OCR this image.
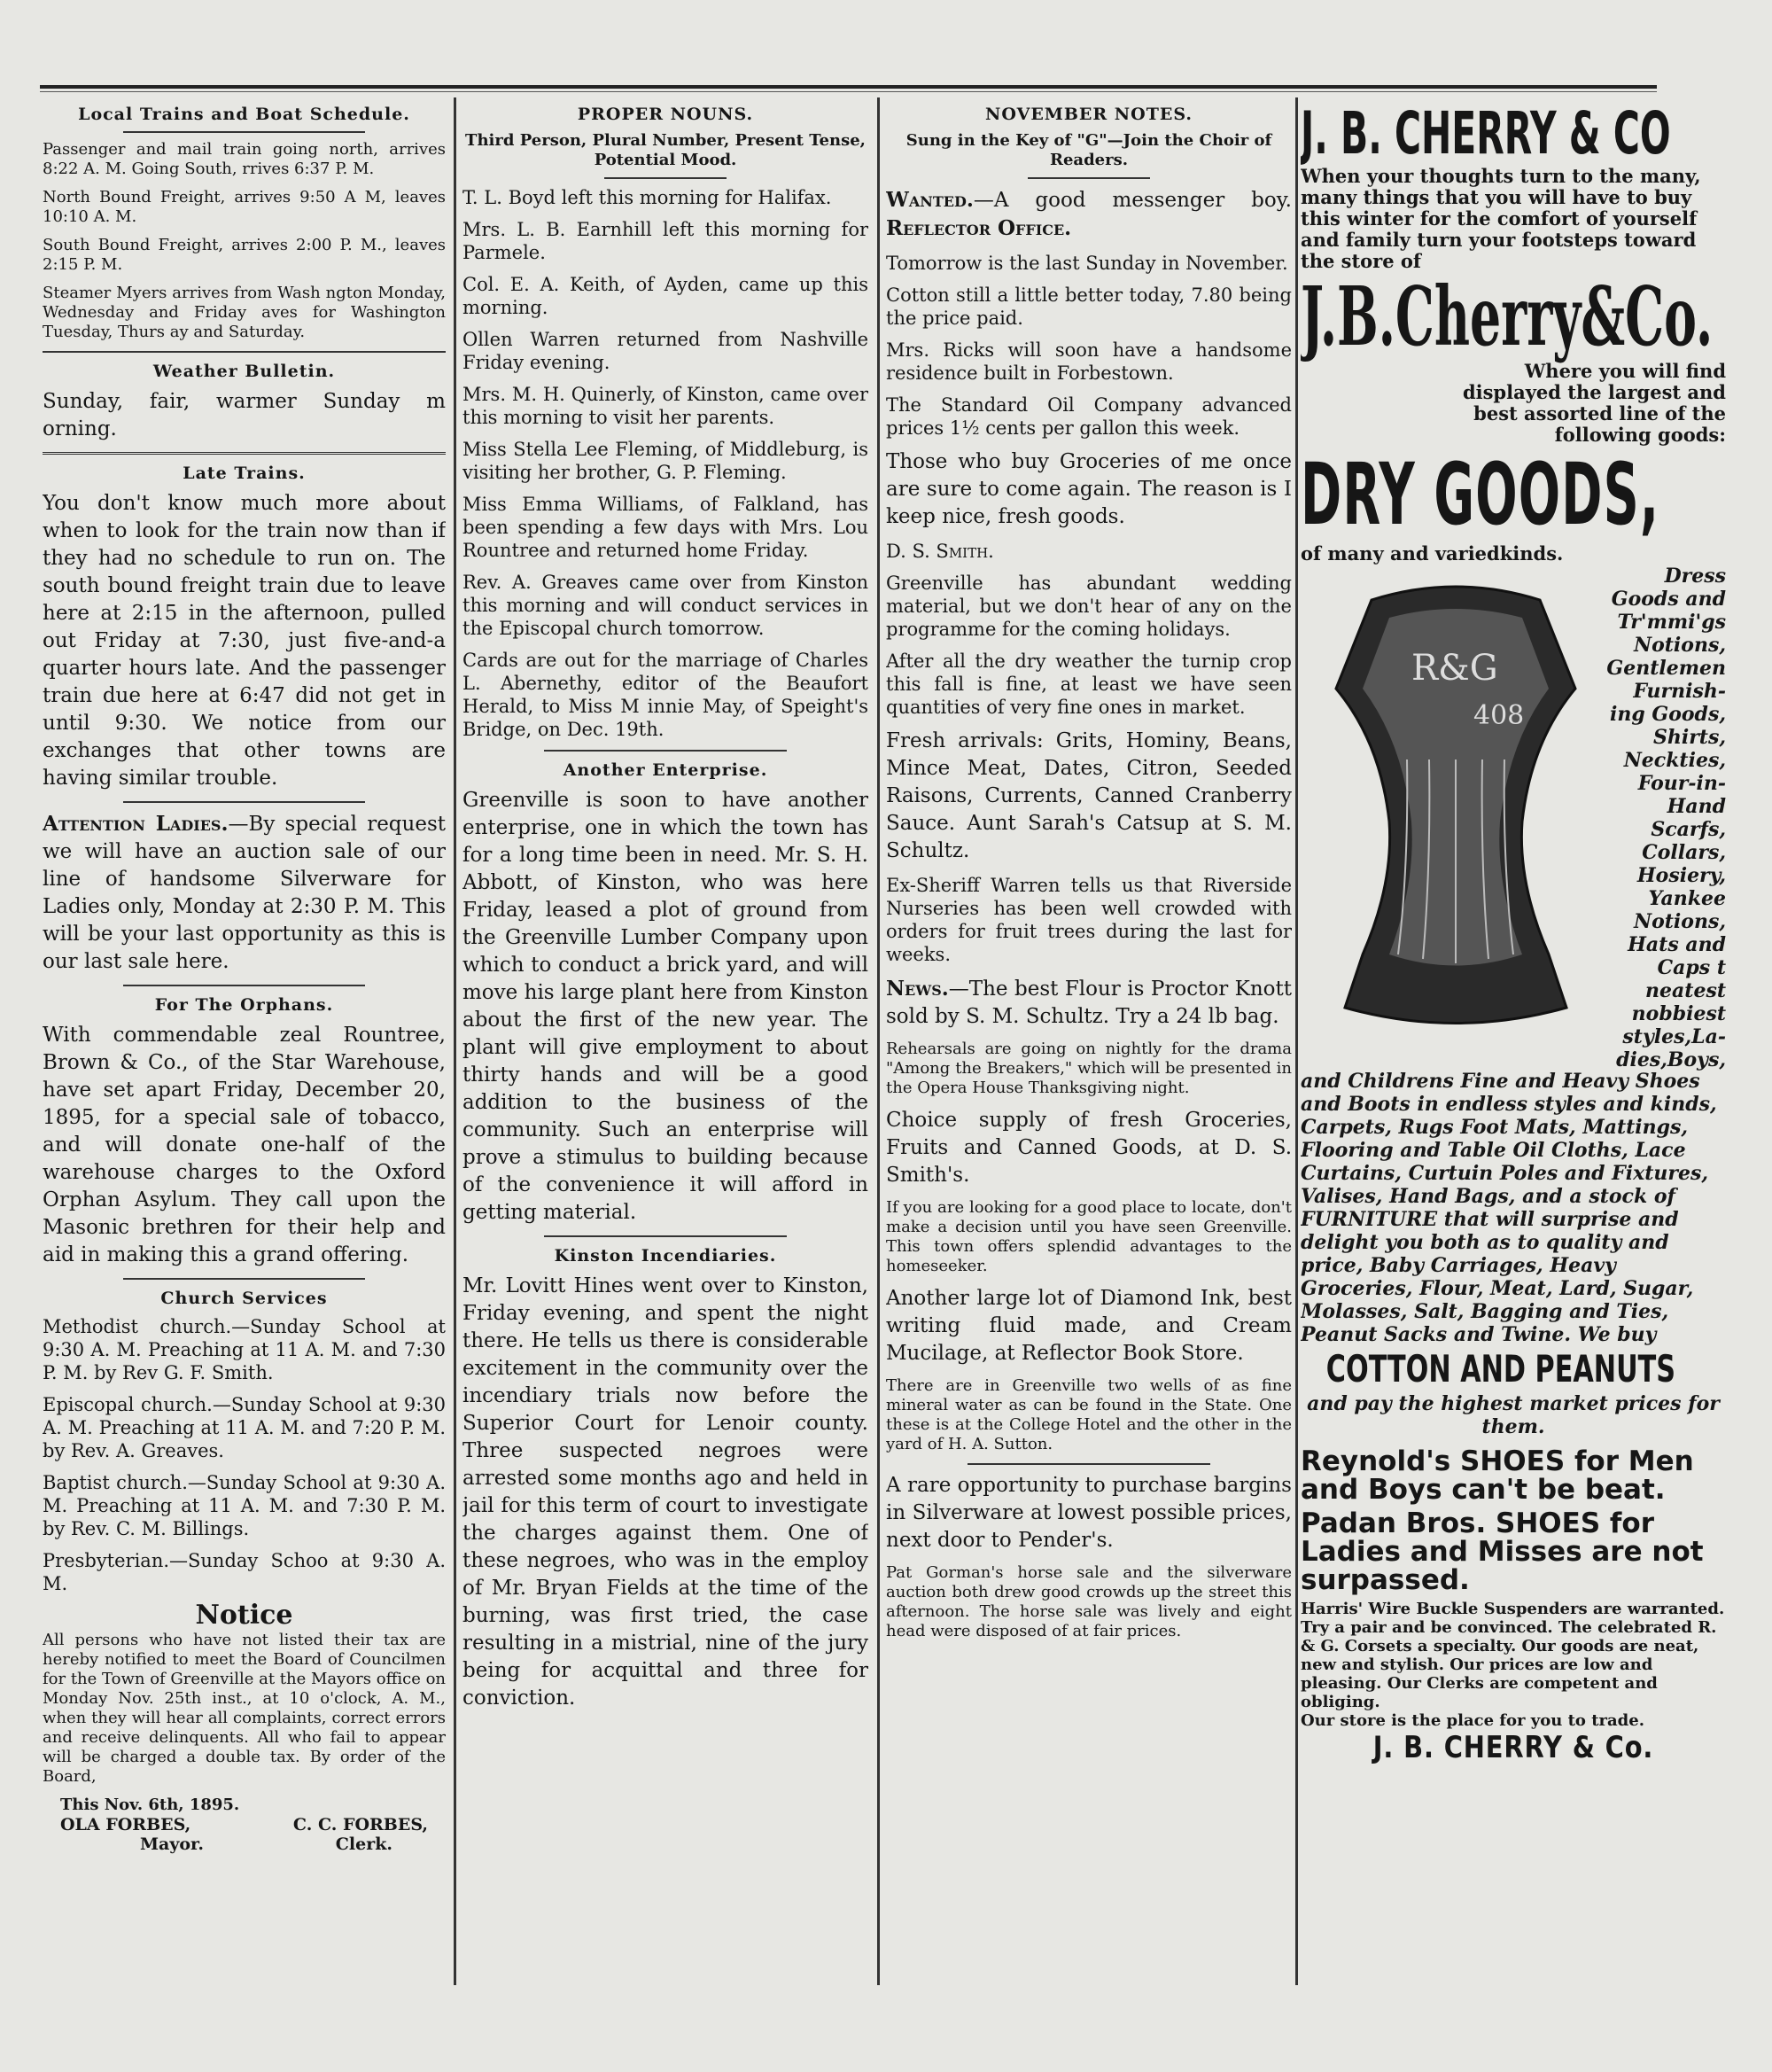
Local Trains and Boat Schedule.

Passenger and mail train going north, arrives 8:22 A. M. Going South, rrives 6:37 P. M.

North Bound Freight, arrives 9:50 A M, leaves 10:10 A. M.

South Bound Freight, arrives 2:00 P. M., leaves 2:15 P. M.

Steamer Myers arrives from Wash ngton Monday, Wednesday and Friday aves for Washington Tuesday, Thurs ay and Saturday.

Weather Bulletin.

Sunday, fair, warmer Sunday m orning.

Late Trains.

You don't know much more about when to look for the train now than if they had no schedule to run on. The south bound freight train due to leave here at 2:15 in the afternoon, pulled out Friday at 7:30, just five-and-a quarter hours late. And the passenger train due here at 6:47 did not get in until 9:30. We notice from our exchanges that other towns are having similar trouble.

Attention Ladies.—By special request we will have an auction sale of our line of handsome Silverware for Ladies only, Monday at 2:30 P. M. This will be your last opportunity as this is our last sale here.

For The Orphans.

With commendable zeal Rountree, Brown & Co., of the Star Warehouse, have set apart Friday, December 20, 1895, for a special sale of tobacco, and will donate one-half of the warehouse charges to the Oxford Orphan Asylum. They call upon the Masonic brethren for their help and aid in making this a grand offering.

Church Services

Methodist church.—Sunday School at 9:30 A. M. Preaching at 11 A. M. and 7:30 P. M. by Rev G. F. Smith.

Episcopal church.—Sunday School at 9:30 A. M. Preaching at 11 A. M. and 7:20 P. M. by Rev. A. Greaves.

Baptist church.—Sunday School at 9:30 A. M. Preaching at 11 A. M. and 7:30 P. M. by Rev. C. M. Billings.

Presbyterian.—Sunday Schoo at 9:30 A. M.

Notice

All persons who have not listed their tax are hereby notified to meet the Board of Councilmen for the Town of Greenville at the Mayors office on Monday Nov. 25th inst., at 10 o'clock, A. M., when they will hear all complaints, correct errors and receive delinquents. All who fail to appear will be charged a double tax. By order of the Board,

This Nov. 6th, 1895.

OLA FORBES,	C. C. FORBES,
Mayor.	Clerk.
PROPER NOUNS.
Third Person, Plural Number, Present Tense, Potential Mood.

T. L. Boyd left this morning for Halifax.

Mrs. L. B. Earnhill left this morning for Parmele.

Col. E. A. Keith, of Ayden, came up this morning.

Ollen Warren returned from Nashville Friday evening.

Mrs. M. H. Quinerly, of Kinston, came over this morning to visit her parents.

Miss Stella Lee Fleming, of Middleburg, is visiting her brother, G. P. Fleming.

Miss Emma Williams, of Falkland, has been spending a few days with Mrs. Lou Rountree and returned home Friday.

Rev. A. Greaves came over from Kinston this morning and will conduct services in the Episcopal church tomorrow.

Cards are out for the marriage of Charles L. Abernethy, editor of the Beaufort Herald, to Miss M innie May, of Speight's Bridge, on Dec. 19th.

Another Enterprise.

Greenville is soon to have another enterprise, one in which the town has for a long time been in need. Mr. S. H. Abbott, of Kinston, who was here Friday, leased a plot of ground from the Greenville Lumber Company upon which to conduct a brick yard, and will move his large plant here from Kinston about the first of the new year. The plant will give employment to about thirty hands and will be a good addition to the business of the community. Such an enterprise will prove a stimulus to building because of the convenience it will afford in getting material.

Kinston Incendiaries.

Mr. Lovitt Hines went over to Kinston, Friday evening, and spent the night there. He tells us there is considerable excitement in the community over the incendiary trials now before the Superior Court for Lenoir county. Three suspected negroes were arrested some months ago and held in jail for this term of court to investigate the charges against them. One of these negroes, who was in the employ of Mr. Bryan Fields at the time of the burning, was first tried, the case resulting in a mistrial, nine of the jury being for acquittal and three for conviction.

NOVEMBER NOTES.
Sung in the Key of "G"—Join the Choir of Readers.

Wanted.—A good messenger boy. Reflector Office.

Tomorrow is the last Sunday in November.

Cotton still a little better today, 7.80 being the price paid.

Mrs. Ricks will soon have a handsome residence built in Forbestown.

The Standard Oil Company advanced prices 1½ cents per gallon this week.

Those who buy Groceries of me once are sure to come again. The reason is I keep nice, fresh goods.

D. S. Smith.

Greenville has abundant wedding material, but we don't hear of any on the programme for the coming holidays.

After all the dry weather the turnip crop this fall is fine, at least we have seen quantities of very fine ones in market.

Fresh arrivals: Grits, Hominy, Beans, Mince Meat, Dates, Citron, Seeded Raisons, Currents, Canned Cranberry Sauce. Aunt Sarah's Catsup at S. M. Schultz.

Ex-Sheriff Warren tells us that Riverside Nurseries has been well crowded with orders for fruit trees during the last for weeks.

News.—The best Flour is Proctor Knott sold by S. M. Schultz. Try a 24 lb bag.

Rehearsals are going on nightly for the drama "Among the Breakers," which will be presented in the Opera House Thanksgiving night.

Choice supply of fresh Groceries, Fruits and Canned Goods, at D. S. Smith's.

If you are looking for a good place to locate, don't make a decision until you have seen Greenville. This town offers splendid advantages to the homeseeker.

Another large lot of Diamond Ink, best writing fluid made, and Cream Mucilage, at Reflector Book Store.

There are in Greenville two wells of as fine mineral water as can be found in the State. One these is at the College Hotel and the other in the yard of H. A. Sutton.

A rare opportunity to purchase bargins in Silverware at lowest possible prices, next door to Pender's.

Pat Gorman's horse sale and the silverware auction both drew good crowds up the street this afternoon. The horse sale was lively and eight head were disposed of at fair prices.

J. B. CHERRY & CO
When your thoughts turn to the many, many things that you will have to buy this winter for the comfort of yourself and family turn your footsteps toward the store of
J.B.Cherry&Co.
Where you will find displayed the largest and best assorted line of the following goods:
DRY GOODS,
of many and variedkinds.
R&G
408
Dress
Goods and
Tr'mmi'gs
Notions,
Gentlemen
Furnish-
ing Goods,
Shirts,
Neckties,
Four-in-
Hand
Scarfs,
Collars,
Hosiery,
Yankee
Notions,
Hats and
Caps t
neatest
nobbiest
styles,La-
dies,Boys,
and Childrens Fine and Heavy Shoes and Boots in endless styles and kinds, Carpets, Rugs Foot Mats, Mattings, Flooring and Table Oil Cloths, Lace Curtains, Curtuin Poles and Fixtures, Valises, Hand Bags, and a stock of FURNITURE that will surprise and delight you both as to quality and price, Baby Carriages, Heavy Groceries, Flour, Meat, Lard, Sugar, Molasses, Salt, Bagging and Ties, Peanut Sacks and Twine. We buy
COTTON AND PEANUTS
and pay the highest market prices for them.
Reynold's SHOES for Men and Boys can't be beat.
Padan Bros. SHOES for Ladies and Misses are not surpassed.
Harris' Wire Buckle Suspenders are warranted. Try a pair and be convinced. The celebrated R. & G. Corsets a specialty. Our goods are neat, new and stylish. Our prices are low and pleasing. Our Clerks are competent and obliging.
Our store is the place for you to trade.
J. B. CHERRY & Co.
